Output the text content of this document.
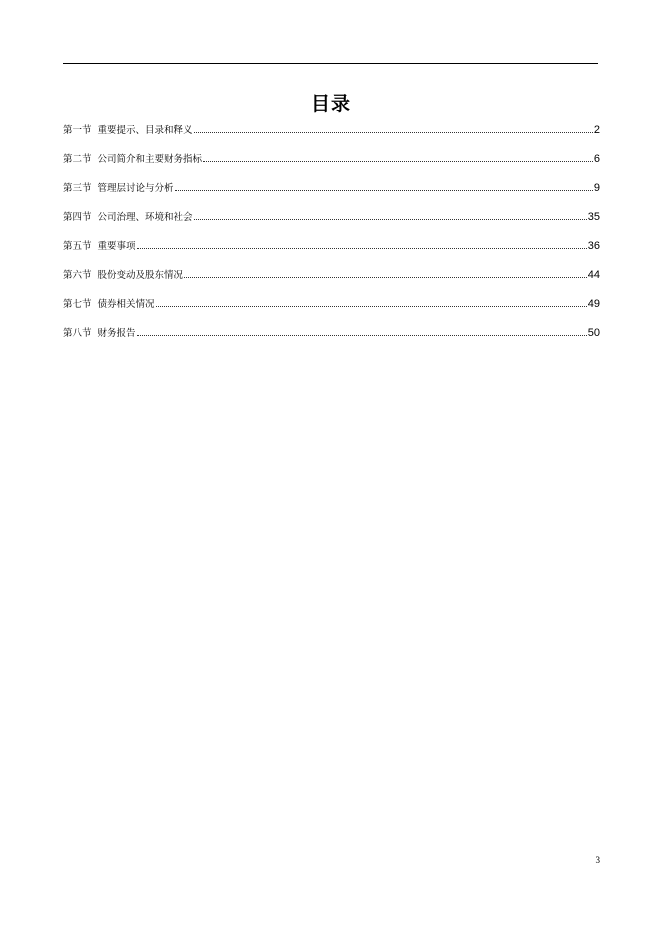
目录
第一节 重要提示、目录和释义	2
第二节 公司简介和主要财务指标	6
第三节 管理层讨论与分析	9
第四节 公司治理、环境和社会	35
第五节 重要事项	36
第六节 股份变动及股东情况	44
第七节 债券相关情况	49
第八节 财务报告	50
3
